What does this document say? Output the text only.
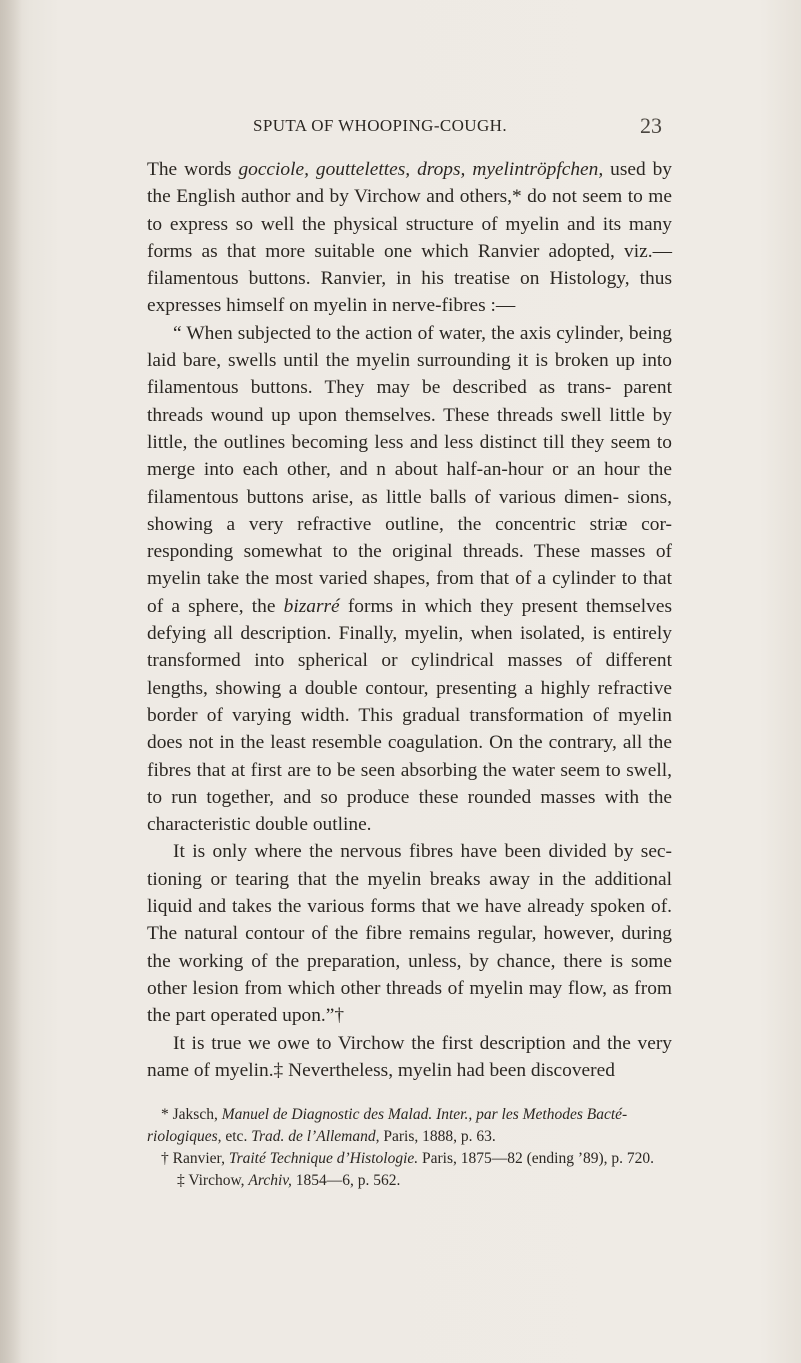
SPUTA OF WHOOPING-COUGH.	23

The words gocciole, gouttelettes, drops, myelintröpfchen, used by the English author and by Virchow and others,* do not seem to me to express so well the physical structure of myelin and its many forms as that more suitable one which Ranvier adopted, viz.— filamentous buttons. Ranvier, in his treatise on Histology, thus expresses himself on myelin in nerve-fibres :—

“ When subjected to the action of water, the axis cylinder, being laid bare, swells until the myelin surrounding it is broken up into filamentous buttons. They may be described as trans- parent threads wound up upon themselves. These threads swell little by little, the outlines becoming less and less distinct till they seem to merge into each other, and n about half-an-hour or an hour the filamentous buttons arise, as little balls of various dimen- sions, showing a very refractive outline, the concentric striæ cor- responding somewhat to the original threads. These masses of myelin take the most varied shapes, from that of a cylinder to that of a sphere, the bizarré forms in which they present themselves defying all description. Finally, myelin, when isolated, is entirely transformed into spherical or cylindrical masses of different lengths, showing a double contour, presenting a highly refractive border of varying width. This gradual transformation of myelin does not in the least resemble coagulation. On the contrary, all the fibres that at first are to be seen absorbing the water seem to swell, to run together, and so produce these rounded masses with the characteristic double outline.

It is only where the nervous fibres have been divided by sec- tioning or tearing that the myelin breaks away in the additional liquid and takes the various forms that we have already spoken of. The natural contour of the fibre remains regular, however, during the working of the preparation, unless, by chance, there is some other lesion from which other threads of myelin may flow, as from the part operated upon.”†

It is true we owe to Virchow the first description and the very name of myelin.‡ Nevertheless, myelin had been discovered

* Jaksch, Manuel de Diagnostic des Malad. Inter., par les Methodes Bacté- riologiques, etc. Trad. de l’Allemand, Paris, 1888, p. 63.
† Ranvier, Traité Technique d’Histologie. Paris, 1875—82 (ending ’89), p. 720.
‡ Virchow, Archiv, 1854—6, p. 562.
